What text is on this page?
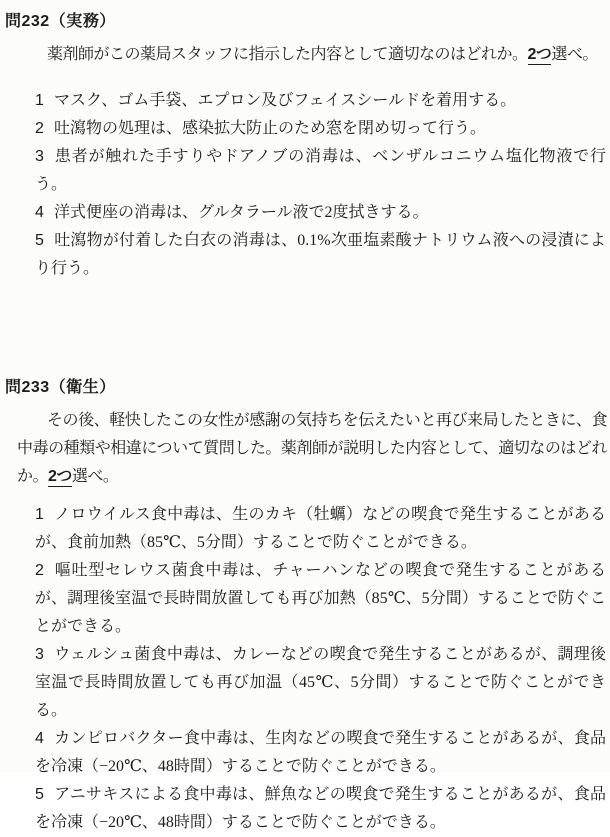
問232（実務）

薬剤師がこの薬局スタッフに指示した内容として適切なのはどれか。2つ選べ。

1 マスク、ゴム手袋、エプロン及びフェイスシールドを着用する。

2 吐瀉物の処理は、感染拡大防止のため窓を閉め切って行う。

3 患者が触れた手すりやドアノブの消毒は、ベンザルコニウム塩化物液で行う。

4 洋式便座の消毒は、グルタラール液で2度拭きする。

5 吐瀉物が付着した白衣の消毒は、0.1%次亜塩素酸ナトリウム液への浸漬により行う。

問233（衛生）

その後、軽快したこの女性が感謝の気持ちを伝えたいと再び来局したときに、食中毒の種類や相違について質問した。薬剤師が説明した内容として、適切なのはどれか。2つ選べ。

1 ノロウイルス食中毒は、生のカキ（牡蠣）などの喫食で発生することがあるが、食前加熱（85℃、5分間）することで防ぐことができる。

2 嘔吐型セレウス菌食中毒は、チャーハンなどの喫食で発生することがあるが、調理後室温で長時間放置しても再び加熱（85℃、5分間）することで防ぐことができる。

3 ウェルシュ菌食中毒は、カレーなどの喫食で発生することがあるが、調理後室温で長時間放置しても再び加温（45℃、5分間）することで防ぐことができる。

4 カンピロバクター食中毒は、生肉などの喫食で発生することがあるが、食品を冷凍（−20℃、48時間）することで防ぐことができる。

5 アニサキスによる食中毒は、鮮魚などの喫食で発生することがあるが、食品を冷凍（−20℃、48時間）することで防ぐことができる。
